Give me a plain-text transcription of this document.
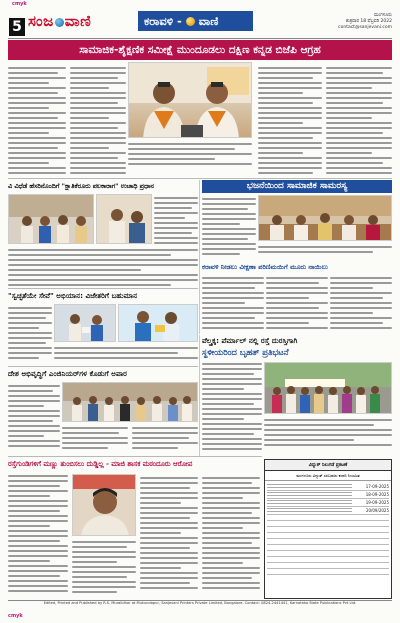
cmyk
5 ಸಂಜ ವಾಣಿ	ಕರಾವಳಿ - ವಾಣಿ	ಮಂಗಳೂರು
ಶುಕ್ರವಾರ 18 ಫೆಬ್ರವರಿ 2022
contact@sanjevani.com
ಸಾಮಾಜಿಕ-ಶೈಕ್ಷಣಿಕ ಸಮೀಕ್ಷೆ ಮುಂದೂಡಲು ದಕ್ಷಿಣ ಕನ್ನಡ ಬಿಜೆಪಿ ಆಗ್ರಹ
ವಿ ವಿಧೆಡೆ ಹೆಸರಿನೊಂದಿಗೆ "ಕ್ಷಾತಿಕೆರೂರು ಪಲಕಾರಾಗ" ಉಚಾಧಿ ಪ್ರಧಾನ	ಭಜನೆಯಿಂದ ಸಾಮಾಜಿಕ ಸಾಮರಸ್ಯ
ಕರಾವಳಿ ನೀಡಲು ವೀಕ್ಷಣಾ ಪರಿಣಿಮಯಿಗೆ ಮೂರು ನಾಯಿಲು
"ಸ್ವಚ್ಛತೆಯೇ ಸೇವೆ" ಅಭಿಯಾನ: ವಿಜೇತರಿಗೆ ಬಹುಮಾನ
ದೇಶ ಅಭಿವೃದ್ಧಿಗೆ ಎಂಜಿನಿಯರ್‌ಗಳ ಕೊಡುಗೆ ಅಪಾರ
ವೆಲ್ತ್ರಕ್ಕ: ಪೆರ್ಮಾಲ್ ನಲ್ಲಿ ರಸ್ತೆ ದುರಸ್ತಿಗಾಗಿ
ಸ್ಥಳೀಯರಿಂದ ಬೃಹತ್ ಪ್ರತಿಭಟನೆ
ರಸ್ತೆಗುಂಡಿಗಳಿಗೆ ಮಣ್ಣು ತುಂಬಿಸಲು ದುಡ್ಡಿಲ್ಲ - ಮಾಜಿ ಶಾಸಕ ಮಠಂದೂರು ಆರೋಪ	ವಿದ್ಯುತ್ ನಿಲುಗಡೆ ಪ್ರಕಟಣೆ
ಮಂಗಳೂರು ವಿದ್ಯುತ್ ಸರಬರಾಜು ಕಂಪನಿ ನಿಯಮಿತ
17-09-2025
18-09-2025
19-09-2025
20/09/2025
Edited, Printed and Published by R.S. Muralidhar at Mukundapur, Sanjevani Printers Private Limited, Bangalore. Contact: 0824-2441441, Karnataka State Publications Pvt Ltd.
cmyk
